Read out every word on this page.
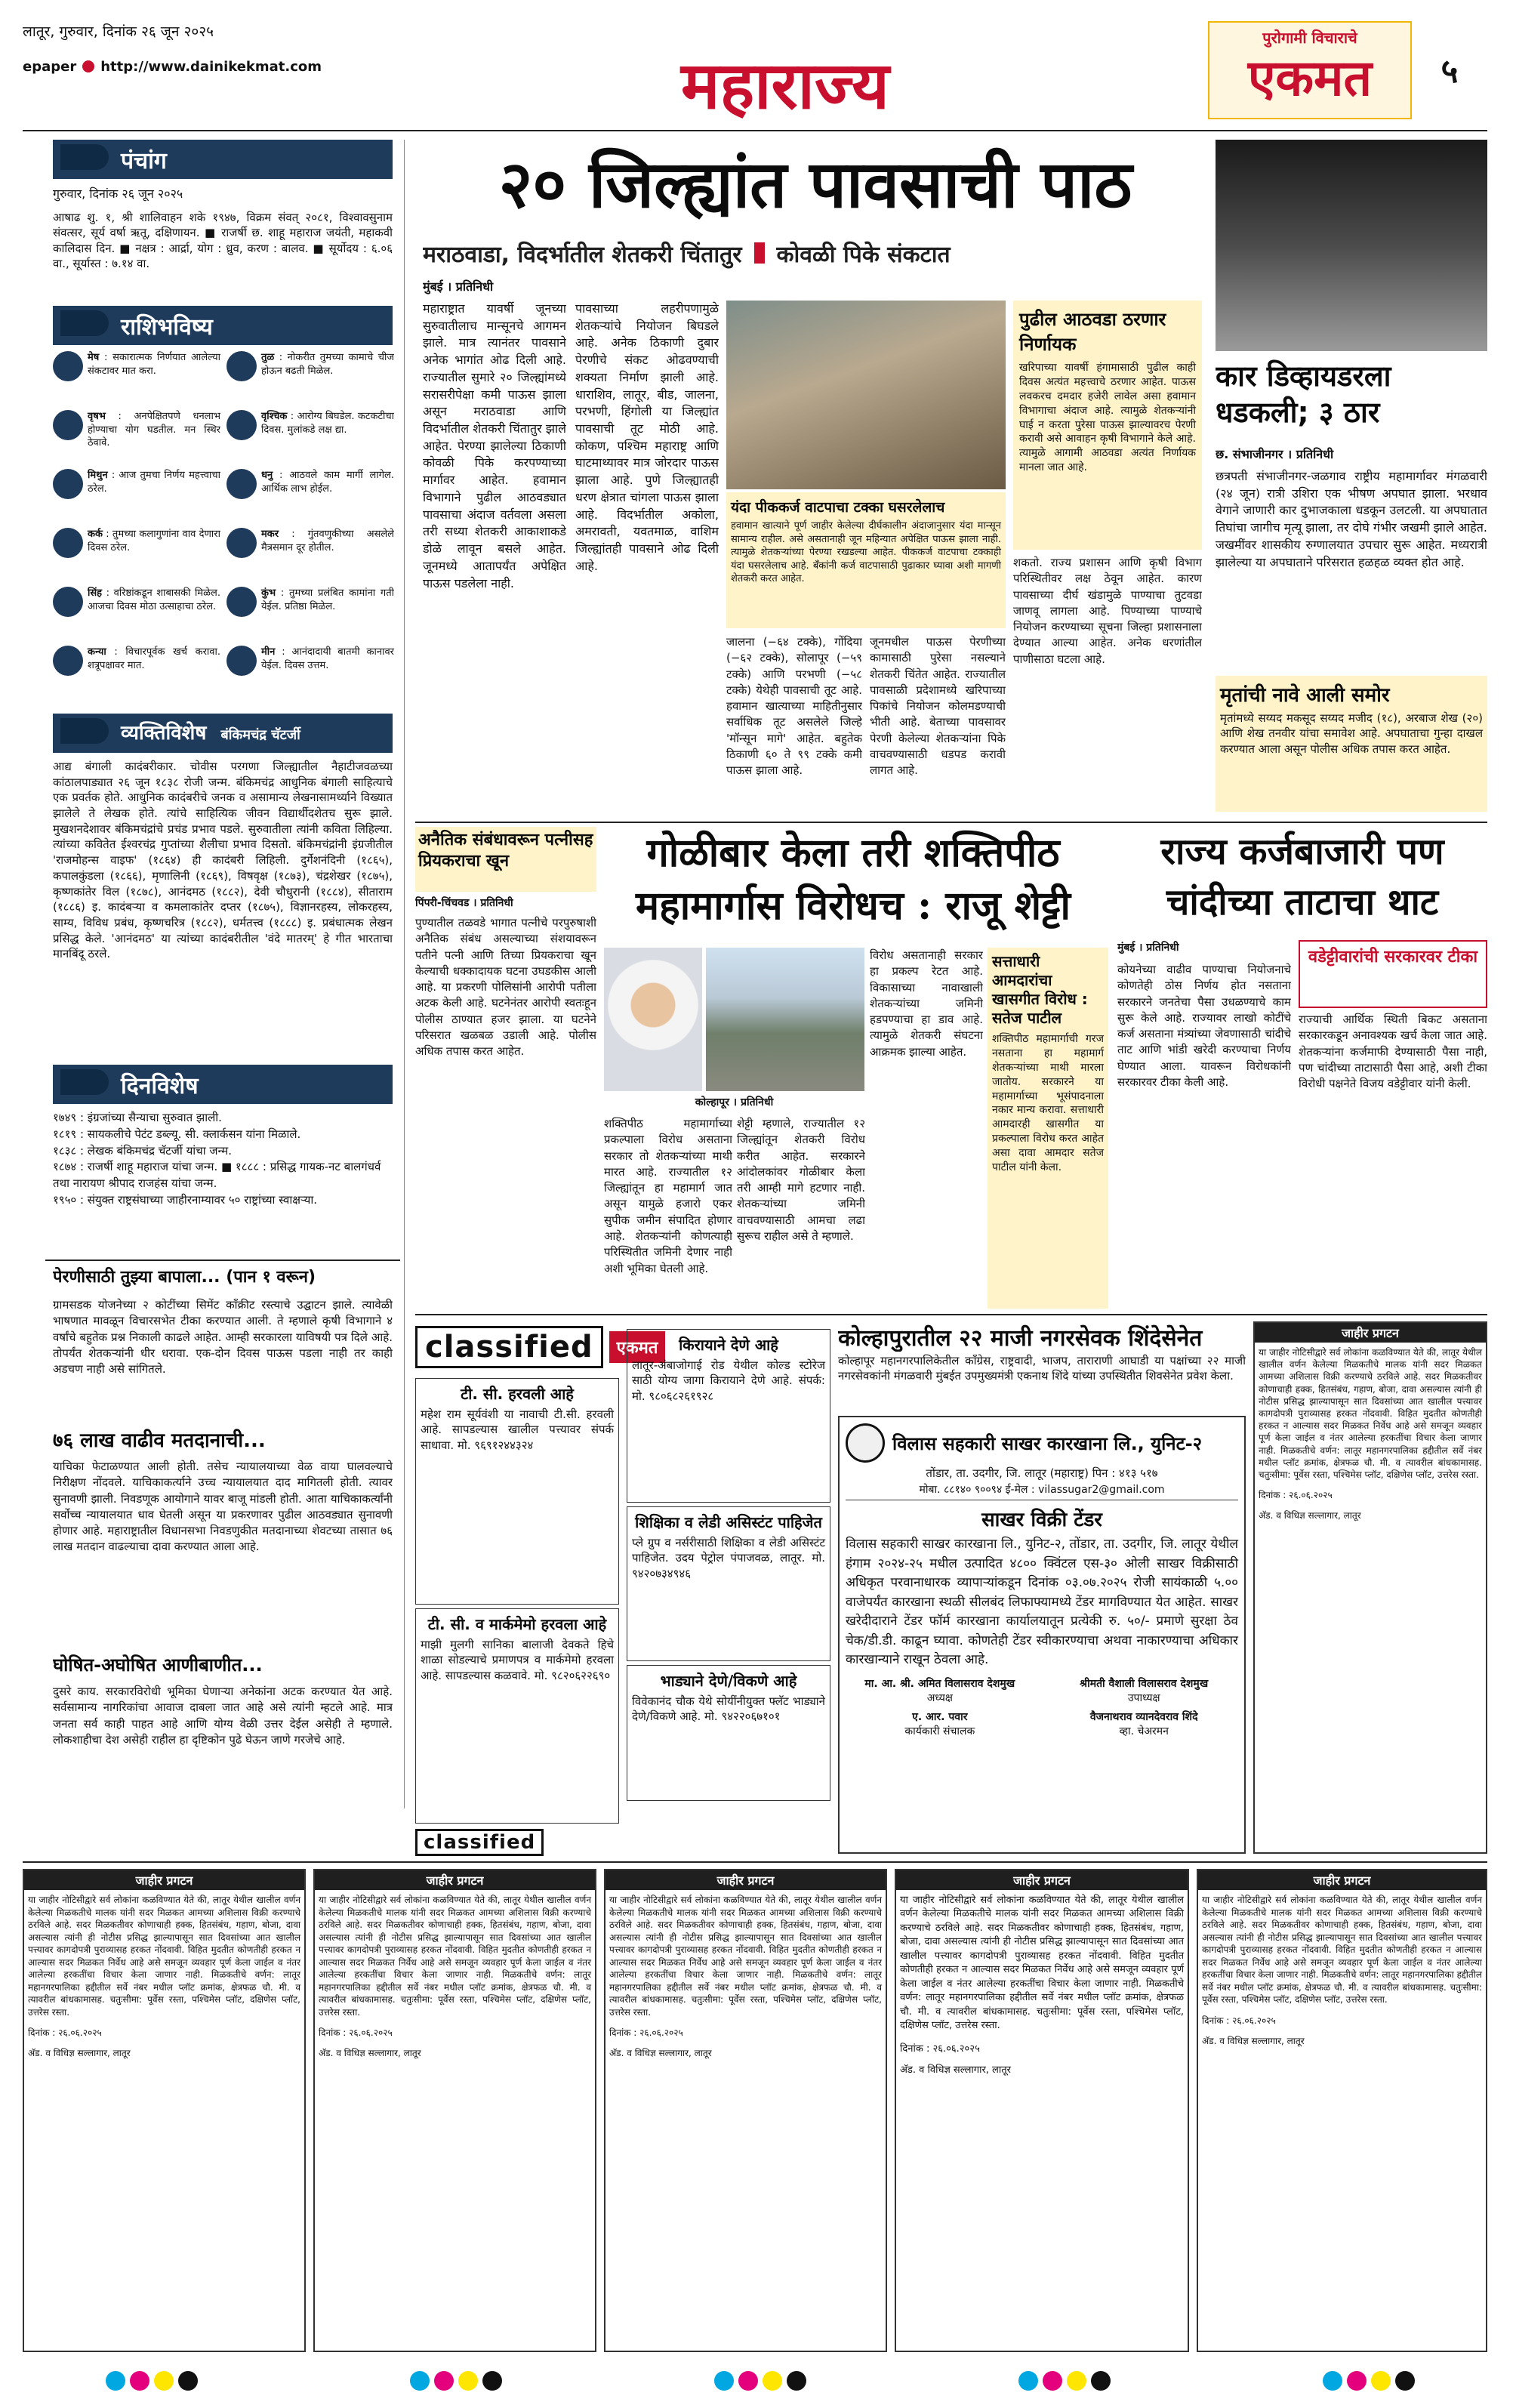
लातूर, गुरुवार, दिनांक २६ जून २०२५
epaper http://www.dainikekmat.com	महाराज्य
पुरोगामी विचाराचे
एकमत	५
पंचांग
गुरुवार, दिनांक २६ जून २०२५
आषाढ शु. १, श्री शालिवाहन शके १९४७, विक्रम संवत् २०८१, विश्वावसुनाम संवत्सर, सूर्य वर्षा ऋतू, दक्षिणायन. ■ राजर्षी छ. शाहू महाराज जयंती, महाकवी कालिदास दिन. ■ नक्षत्र : आर्द्रा, योग : ध्रुव, करण : बालव. ■ सूर्योदय : ६.०६ वा., सूर्यास्त : ७.१४ वा.
राशिभविष्य
मेष : सकारात्मक निर्णयात आलेल्या संकटावर मात करा.
वृषभ : अनपेक्षितपणे धनलाभ होण्याचा योग घडतील. मन स्थिर ठेवावे.
मिथुन : आज तुमचा निर्णय महत्त्वाचा ठरेल.
कर्क : तुमच्या कलागुणांना वाव देणारा दिवस ठरेल.
सिंह : वरिष्ठांकडून शाबासकी मिळेल. आजचा दिवस मोठा उत्साहाचा ठरेल.
कन्या : विचारपूर्वक खर्च करावा. शत्रूपक्षावर मात.
तुळ : नोकरीत तुमच्या कामाचे चीज होऊन बढती मिळेल.
वृश्चिक : आरोग्य बिघडेल. कटकटीचा दिवस. मुलांकडे लक्ष द्या.
धनु : आठवले काम मार्गी लागेल. आर्थिक लाभ होईल.
मकर : गुंतवणुकीच्या असलेले मैत्रसमान दूर होतील.
कुंभ : तुमच्या प्रलंबित कामांना गती येईल. प्रतिष्ठा मिळेल.
मीन : आनंदादायी बातमी कानावर येईल. दिवस उत्तम.
व्यक्तिविशेष बंकिमचंद्र चॅटर्जी
आद्य बंगाली कादंबरीकार. चोवीस परगणा जिल्ह्यातील नैहाटीजवळच्या कांठालपाड्यात २६ जून १८३८ रोजी जन्म. बंकिमचंद्र आधुनिक बंगाली साहित्याचे एक प्रवर्तक होते. आधुनिक कादंबरीचे जनक व असामान्य लेखनासामर्थ्याने विख्यात झालेले ते लेखक होते. त्यांचे साहित्यिक जीवन विद्यार्थीदशेतच सुरू झाले. मुखशनदेशावर बंकिमचंद्रांचे प्रचंड प्रभाव पडले. सुरुवातीला त्यांनी कविता लिहिल्या. त्यांच्या कवितेत ईश्वरचंद्र गुप्तांच्या शैलीचा प्रभाव दिसतो. बंकिमचंद्रांनी इंग्रजीतील 'राजमोहन्स वाइफ' (१८६४) ही कादंबरी लिहिली. दुर्गेशनंदिनी (१८६५), कपालकुंडला (१८६६), मृणालिनी (१८६९), विषवृक्ष (१८७३), चंद्रशेखर (१८७५), कृष्णकांतेर विल (१८७८), आनंदमठ (१८८२), देवी चौधुरानी (१८८४), सीताराम (१८८६) इ. कादंबऱ्या व कमलाकांतेर दप्तर (१८७५), विज्ञानरहस्य, लोकरहस्य, साम्य, विविध प्रबंध, कृष्णचरित्र (१८८२), धर्मतत्त्व (१८८८) इ. प्रबंधात्मक लेखन प्रसिद्ध केले. 'आनंदमठ' या त्यांच्या कादंबरीतील 'वंदे मातरम्' हे गीत भारताचा मानबिंदू ठरले.
दिनविशेष
१७४९ : इंग्रजांच्या सैन्याचा सुरुवात झाली.
१८१९ : सायकलीचे पेटंट डब्ल्यू. सी. क्लार्कसन यांना मिळाले.
१८३८ : लेखक बंकिमचंद्र चॅटर्जी यांचा जन्म.
१८७४ : राजर्षी शाहू महाराज यांचा जन्म. ■ १८८८ : प्रसिद्ध गायक-नट बालगंधर्व तथा नारायण श्रीपाद राजहंस यांचा जन्म.
१९५० : संयुक्त राष्ट्रसंघाच्या जाहीरनाम्यावर ५० राष्ट्रांच्या स्वाक्षऱ्या.
पेरणीसाठी तुझ्या बापाला... (पान १ वरून)
ग्रामसडक योजनेच्या २ कोटींच्या सिमेंट काँक्रीट रस्त्याचे उद्घाटन झाले. त्यावेळी भाषणात मावळून विचारसभेत टीका करण्यात आली. ते म्हणाले कृषी विभागाने ४ वर्षांचे बहुतेक प्रश्न निकाली काढले आहेत. आम्ही सरकारला याविषयी पत्र दिले आहे. तोपर्यंत शेतकऱ्यांनी धीर धरावा. एक-दोन दिवस पाऊस पडला नाही तर काही अडचण नाही असे सांगितले.
७६ लाख वाढीव मतदानाची...
याचिका फेटाळण्यात आली होती. तसेच न्यायालयाच्या वेळ वाया घालवल्याचे निरीक्षण नोंदवले. याचिकाकर्त्याने उच्च न्यायालयात दाद मागितली होती. त्यावर सुनावणी झाली. निवडणूक आयोगाने यावर बाजू मांडली होती. आता याचिकाकर्त्यांनी सर्वोच्च न्यायालयात धाव घेतली असून या प्रकरणावर पुढील आठवड्यात सुनावणी होणार आहे. महाराष्ट्रातील विधानसभा निवडणुकीत मतदानाच्या शेवटच्या तासात ७६ लाख मतदान वाढल्याचा दावा करण्यात आला आहे.
घोषित-अघोषित आणीबाणीत...
दुसरे काय. सरकारविरोधी भूमिका घेणाऱ्या अनेकांना अटक करण्यात येत आहे. सर्वसामान्य नागरिकांचा आवाज दाबला जात आहे असे त्यांनी म्हटले आहे. मात्र जनता सर्व काही पाहत आहे आणि योग्य वेळी उत्तर देईल असेही ते म्हणाले. लोकशाहीचा देश असेही राहील हा दृष्टिकोन पुढे घेऊन जाणे गरजेचे आहे.
२० जिल्ह्यांत पावसाची पाठ
मराठवाडा, विदर्भातील शेतकरी चिंतातुर कोवळी पिके संकटात
मुंबई । प्रतिनिधी
महाराष्ट्रात यावर्षी जूनच्या सुरुवातीलाच मान्सूनचे आगमन झाले. मात्र त्यानंतर पावसाने अनेक भागांत ओढ दिली आहे. राज्यातील सुमारे २० जिल्ह्यांमध्ये सरासरीपेक्षा कमी पाऊस झाला असून मराठवाडा आणि विदर्भातील शेतकरी चिंतातुर झाले आहेत. पेरण्या झालेल्या ठिकाणी कोवळी पिके करपण्याच्या मार्गावर आहेत. हवामान विभागाने पुढील आठवड्यात पावसाचा अंदाज वर्तवला असला तरी सध्या शेतकरी आकाशाकडे डोळे लावून बसले आहेत. जूनमध्ये आतापर्यंत अपेक्षित पाऊस पडलेला नाही.
पावसाच्या लहरीपणामुळे शेतकऱ्यांचे नियोजन बिघडले आहे. अनेक ठिकाणी दुबार पेरणीचे संकट ओढवण्याची शक्यता निर्माण झाली आहे. धाराशिव, लातूर, बीड, जालना, परभणी, हिंगोली या जिल्ह्यांत पावसाची तूट मोठी आहे. कोकण, पश्चिम महाराष्ट्र आणि घाटमाथ्यावर मात्र जोरदार पाऊस झाला आहे. पुणे जिल्ह्यातही धरण क्षेत्रात चांगला पाऊस झाला आहे. विदर्भातील अकोला, अमरावती, यवतमाळ, वाशिम जिल्ह्यांतही पावसाने ओढ दिली आहे.
यंदा पीककर्ज वाटपाचा टक्का घसरलेलाच
हवामान खात्याने पूर्ण जाहीर केलेल्या दीर्घकालीन अंदाजानुसार यंदा मान्सून सामान्य राहील. असे असतानाही जून महिन्यात अपेक्षित पाऊस झाला नाही. त्यामुळे शेतकऱ्यांच्या पेरण्या रखडल्या आहेत. पीककर्ज वाटपाचा टक्काही यंदा घसरलेलाच आहे. बँकांनी कर्ज वाटपासाठी पुढाकार घ्यावा अशी मागणी शेतकरी करत आहेत.
जालना (−६४ टक्के), गोंदिया (−६२ टक्के), सोलापूर (−५९ टक्के) आणि परभणी (−५८ टक्के) येथेही पावसाची तूट आहे. हवामान खात्याच्या माहितीनुसार सर्वाधिक तूट असलेले जिल्हे 'मॉन्सून मागे' आहेत. बहुतेक ठिकाणी ६० ते ९९ टक्के कमी पाऊस झाला आहे.
जूनमधील पाऊस पेरणीच्या कामासाठी पुरेसा नसल्याने शेतकरी चिंतेत आहेत. राज्यातील पावसाळी प्रदेशामध्ये खरिपाच्या पिकांचे नियोजन कोलमडण्याची भीती आहे. बेताच्या पावसावर पेरणी केलेल्या शेतकऱ्यांना पिके वाचवण्यासाठी धडपड करावी लागत आहे.
पुढील आठवडा ठरणार निर्णायक
खरिपाच्या यावर्षी हंगामासाठी पुढील काही दिवस अत्यंत महत्त्वाचे ठरणार आहेत. पाऊस लवकरच दमदार हजेरी लावेल असा हवामान विभागाचा अंदाज आहे. त्यामुळे शेतकऱ्यांनी घाई न करता पुरेसा पाऊस झाल्यावरच पेरणी करावी असे आवाहन कृषी विभागाने केले आहे. त्यामुळे आगामी आठवडा अत्यंत निर्णायक मानला जात आहे.
शकतो. राज्य प्रशासन आणि कृषी विभाग परिस्थितीवर लक्ष ठेवून आहेत. कारण पावसाच्या दीर्घ खंडामुळे पाण्याचा तुटवडा जाणवू लागला आहे. पिण्याच्या पाण्याचे नियोजन करण्याच्या सूचना जिल्हा प्रशासनाला देण्यात आल्या आहेत. अनेक धरणांतील पाणीसाठा घटला आहे.
कार डिव्हायडरला धडकली; ३ ठार
छ. संभाजीनगर । प्रतिनिधी
छत्रपती संभाजीनगर-जळगाव राष्ट्रीय महामार्गावर मंगळवारी (२४ जून) रात्री उशिरा एक भीषण अपघात झाला. भरधाव वेगाने जाणारी कार दुभाजकाला धडकून उलटली. या अपघातात तिघांचा जागीच मृत्यू झाला, तर दोघे गंभीर जखमी झाले आहेत. जखमींवर शासकीय रुग्णालयात उपचार सुरू आहेत. मध्यरात्री झालेल्या या अपघाताने परिसरात हळहळ व्यक्त होत आहे.
मृतांची नावे आली समोर
मृतांमध्ये सय्यद मकसूद सय्यद मजीद (१८), अरबाज शेख (२०) आणि शेख तनवीर यांचा समावेश आहे. अपघाताचा गुन्हा दाखल करण्यात आला असून पोलीस अधिक तपास करत आहेत.
अनैतिक संबंधावरून पत्नीसह प्रियकराचा खून
पिंपरी-चिंचवड । प्रतिनिधी
पुण्यातील तळवडे भागात पत्नीचे परपुरुषाशी अनैतिक संबंध असल्याच्या संशयावरून पतीने पत्नी आणि तिच्या प्रियकराचा खून केल्याची धक्कादायक घटना उघडकीस आली आहे. या प्रकरणी पोलिसांनी आरोपी पतीला अटक केली आहे. घटनेनंतर आरोपी स्वतःहून पोलीस ठाण्यात हजर झाला. या घटनेने परिसरात खळबळ उडाली आहे. पोलीस अधिक तपास करत आहेत.
गोळीबार केला तरी शक्तिपीठ महामार्गास विरोधच : राजू शेट्टी
कोल्हापूर । प्रतिनिधी
शक्तिपीठ महामार्गाच्या प्रकल्पाला विरोध असताना सरकार तो शेतकऱ्यांच्या माथी मारत आहे. राज्यातील १२ जिल्ह्यांतून हा महामार्ग जात असून यामुळे हजारो एकर सुपीक जमीन संपादित होणार आहे. शेतकऱ्यांनी कोणत्याही परिस्थितीत जमिनी देणार नाही अशी भूमिका घेतली आहे.
शेट्टी म्हणाले, राज्यातील १२ जिल्ह्यांतून शेतकरी विरोध करीत आहेत. सरकारने आंदोलकांवर गोळीबार केला तरी आम्ही मागे हटणार नाही. शेतकऱ्यांच्या जमिनी वाचवण्यासाठी आमचा लढा सुरूच राहील असे ते म्हणाले.
विरोध असतानाही सरकार हा प्रकल्प रेटत आहे. विकासाच्या नावाखाली शेतकऱ्यांच्या जमिनी हडपण्याचा हा डाव आहे. त्यामुळे शेतकरी संघटना आक्रमक झाल्या आहेत.
सत्ताधारी आमदारांचा खासगीत विरोध : सतेज पाटील
शक्तिपीठ महामार्गाची गरज नसताना हा महामार्ग शेतकऱ्यांच्या माथी मारला जातोय. सरकारने या महामार्गाच्या भूसंपादनाला नकार मान्य करावा. सत्ताधारी आमदारही खासगीत या प्रकल्पाला विरोध करत आहेत असा दावा आमदार सतेज पाटील यांनी केला.
राज्य कर्जबाजारी पण चांदीच्या ताटाचा थाट
मुंबई । प्रतिनिधी	वडेट्टीवारांची सरकारवर टीका
कोयनेच्या वाढीव पाण्याचा नियोजनाचे कोणतेही ठोस निर्णय होत नसताना सरकारने जनतेचा पैसा उधळण्याचे काम सुरू केले आहे. राज्यावर लाखो कोटींचे कर्ज असताना मंत्र्यांच्या जेवणासाठी चांदीचे ताट आणि भांडी खरेदी करण्याचा निर्णय घेण्यात आला. यावरून विरोधकांनी सरकारवर टीका केली आहे.
राज्याची आर्थिक स्थिती बिकट असताना सरकारकडून अनावश्यक खर्च केला जात आहे. शेतकऱ्यांना कर्जमाफी देण्यासाठी पैसा नाही, पण चांदीच्या ताटासाठी पैसा आहे, अशी टीका विरोधी पक्षनेते विजय वडेट्टीवार यांनी केली.
classified	एकमत
टी. सी. हरवली आहे
महेश राम सूर्यवंशी या नावाची टी.सी. हरवली आहे. सापडल्यास खालील पत्त्यावर संपर्क साधावा. मो. ९६९१२४४३२४
टी. सी. व मार्कमेमो हरवला आहे
माझी मुलगी सानिका बालाजी देवकते हिचे शाळा सोडल्याचे प्रमाणपत्र व मार्कमेमो हरवला आहे. सापडल्यास कळवावे. मो. ९८२०६२२६९०
किरायाने देणे आहे
लातूर-अंबाजोगाई रोड येथील कोल्ड स्टोरेज साठी योग्य जागा किरायाने देणे आहे. संपर्क: मो. ९८०६८२६१९२८
शिक्षिका व लेडी असिस्टंट पाहिजेत
प्ले ग्रुप व नर्सरीसाठी शिक्षिका व लेडी असिस्टंट पाहिजेत. उदय पेट्रोल पंपाजवळ, लातूर. मो. ९४२०७३४९४६
भाड्याने देणे/विकणे आहे
विवेकानंद चौक येथे सोयींनीयुक्त फ्लॅट भाड्याने देणे/विकणे आहे. मो. ९४२२०६७१०१
classified
कोल्हापुरातील २२ माजी नगरसेवक शिंदेसेनेत
कोल्हापूर महानगरपालिकेतील काँग्रेस, राष्ट्रवादी, भाजप, ताराराणी आघाडी या पक्षांच्या २२ माजी नगरसेवकांनी मंगळवारी मुंबईत उपमुख्यमंत्री एकनाथ शिंदे यांच्या उपस्थितीत शिवसेनेत प्रवेश केला.
विलास सहकारी साखर कारखाना लि., युनिट-२
तोंडार, ता. उदगीर, जि. लातूर (महाराष्ट्र) पिन : ४१३ ५१७
मोबा. ८८१४० ९००९४ ई-मेल : vilassugar2@gmail.com
साखर विक्री टेंडर
विलास सहकारी साखर कारखाना लि., युनिट-२, तोंडार, ता. उदगीर, जि. लातूर येथील हंगाम २०२४-२५ मधील उत्पादित ४८०० क्विंटल एस-३० ओली साखर विक्रीसाठी अधिकृत परवानाधारक व्यापाऱ्यांकडून दिनांक ०३.०७.२०२५ रोजी सायंकाळी ५.०० वाजेपर्यंत कारखाना स्थळी सीलबंद लिफाफ्यामध्ये टेंडर मागविण्यात येत आहेत. साखर खरेदीदाराने टेंडर फॉर्म कारखाना कार्यालयातून प्रत्येकी रु. ५०/- प्रमाणे सुरक्षा ठेव चेक/डी.डी. काढून घ्यावा. कोणतेही टेंडर स्वीकारण्याचा अथवा नाकारण्याचा अधिकार कारखान्याने राखून ठेवला आहे.
मा. आ. श्री. अमित विलासराव देशमुख
अध्यक्ष
श्रीमती वैशाली विलासराव देशमुख
उपाध्यक्ष
ए. आर. पवार
कार्यकारी संचालक
वैजनाथराव व्यानदेवराव शिंदे
व्हा. चेअरमन
जाहीर प्रगटन
या जाहीर नोटिसीद्वारे सर्व लोकांना कळविण्यात येते की, लातूर येथील खालील वर्णन केलेल्या मिळकतीचे मालक यांनी सदर मिळकत आमच्या अशिलास विक्री करण्याचे ठरविले आहे. सदर मिळकतीवर कोणाचाही हक्क, हितसंबंध, गहाण, बोजा, दावा असल्यास त्यांनी ही नोटीस प्रसिद्ध झाल्यापासून सात दिवसांच्या आत खालील पत्त्यावर कागदोपत्री पुराव्यासह हरकत नोंदवावी. विहित मुदतीत कोणतीही हरकत न आल्यास सदर मिळकत निर्वेध आहे असे समजून व्यवहार पूर्ण केला जाईल व नंतर आलेल्या हरकतींचा विचार केला जाणार नाही. मिळकतीचे वर्णन: लातूर महानगरपालिका हद्दीतील सर्वे नंबर मधील प्लॉट क्रमांक, क्षेत्रफळ चौ. मी. व त्यावरील बांधकामासह. चतुःसीमा: पूर्वेस रस्ता, पश्चिमेस प्लॉट, दक्षिणेस प्लॉट, उत्तरेस रस्ता.
दिनांक : २६.०६.२०२५
अ‍ॅड. व विधिज्ञ सल्लागार, लातूर
जाहीर प्रगटन
या जाहीर नोटिसीद्वारे सर्व लोकांना कळविण्यात येते की, लातूर येथील खालील वर्णन केलेल्या मिळकतीचे मालक यांनी सदर मिळकत आमच्या अशिलास विक्री करण्याचे ठरविले आहे. सदर मिळकतीवर कोणाचाही हक्क, हितसंबंध, गहाण, बोजा, दावा असल्यास त्यांनी ही नोटीस प्रसिद्ध झाल्यापासून सात दिवसांच्या आत खालील पत्त्यावर कागदोपत्री पुराव्यासह हरकत नोंदवावी. विहित मुदतीत कोणतीही हरकत न आल्यास सदर मिळकत निर्वेध आहे असे समजून व्यवहार पूर्ण केला जाईल व नंतर आलेल्या हरकतींचा विचार केला जाणार नाही. मिळकतीचे वर्णन: लातूर महानगरपालिका हद्दीतील सर्वे नंबर मधील प्लॉट क्रमांक, क्षेत्रफळ चौ. मी. व त्यावरील बांधकामासह. चतुःसीमा: पूर्वेस रस्ता, पश्चिमेस प्लॉट, दक्षिणेस प्लॉट, उत्तरेस रस्ता.
दिनांक : २६.०६.२०२५
अ‍ॅड. व विधिज्ञ सल्लागार, लातूर
जाहीर प्रगटन
या जाहीर नोटिसीद्वारे सर्व लोकांना कळविण्यात येते की, लातूर येथील खालील वर्णन केलेल्या मिळकतीचे मालक यांनी सदर मिळकत आमच्या अशिलास विक्री करण्याचे ठरविले आहे. सदर मिळकतीवर कोणाचाही हक्क, हितसंबंध, गहाण, बोजा, दावा असल्यास त्यांनी ही नोटीस प्रसिद्ध झाल्यापासून सात दिवसांच्या आत खालील पत्त्यावर कागदोपत्री पुराव्यासह हरकत नोंदवावी. विहित मुदतीत कोणतीही हरकत न आल्यास सदर मिळकत निर्वेध आहे असे समजून व्यवहार पूर्ण केला जाईल व नंतर आलेल्या हरकतींचा विचार केला जाणार नाही. मिळकतीचे वर्णन: लातूर महानगरपालिका हद्दीतील सर्वे नंबर मधील प्लॉट क्रमांक, क्षेत्रफळ चौ. मी. व त्यावरील बांधकामासह. चतुःसीमा: पूर्वेस रस्ता, पश्चिमेस प्लॉट, दक्षिणेस प्लॉट, उत्तरेस रस्ता.
दिनांक : २६.०६.२०२५
अ‍ॅड. व विधिज्ञ सल्लागार, लातूर
जाहीर प्रगटन
या जाहीर नोटिसीद्वारे सर्व लोकांना कळविण्यात येते की, लातूर येथील खालील वर्णन केलेल्या मिळकतीचे मालक यांनी सदर मिळकत आमच्या अशिलास विक्री करण्याचे ठरविले आहे. सदर मिळकतीवर कोणाचाही हक्क, हितसंबंध, गहाण, बोजा, दावा असल्यास त्यांनी ही नोटीस प्रसिद्ध झाल्यापासून सात दिवसांच्या आत खालील पत्त्यावर कागदोपत्री पुराव्यासह हरकत नोंदवावी. विहित मुदतीत कोणतीही हरकत न आल्यास सदर मिळकत निर्वेध आहे असे समजून व्यवहार पूर्ण केला जाईल व नंतर आलेल्या हरकतींचा विचार केला जाणार नाही. मिळकतीचे वर्णन: लातूर महानगरपालिका हद्दीतील सर्वे नंबर मधील प्लॉट क्रमांक, क्षेत्रफळ चौ. मी. व त्यावरील बांधकामासह. चतुःसीमा: पूर्वेस रस्ता, पश्चिमेस प्लॉट, दक्षिणेस प्लॉट, उत्तरेस रस्ता.
दिनांक : २६.०६.२०२५
अ‍ॅड. व विधिज्ञ सल्लागार, लातूर
जाहीर प्रगटन
या जाहीर नोटिसीद्वारे सर्व लोकांना कळविण्यात येते की, लातूर येथील खालील वर्णन केलेल्या मिळकतीचे मालक यांनी सदर मिळकत आमच्या अशिलास विक्री करण्याचे ठरविले आहे. सदर मिळकतीवर कोणाचाही हक्क, हितसंबंध, गहाण, बोजा, दावा असल्यास त्यांनी ही नोटीस प्रसिद्ध झाल्यापासून सात दिवसांच्या आत खालील पत्त्यावर कागदोपत्री पुराव्यासह हरकत नोंदवावी. विहित मुदतीत कोणतीही हरकत न आल्यास सदर मिळकत निर्वेध आहे असे समजून व्यवहार पूर्ण केला जाईल व नंतर आलेल्या हरकतींचा विचार केला जाणार नाही. मिळकतीचे वर्णन: लातूर महानगरपालिका हद्दीतील सर्वे नंबर मधील प्लॉट क्रमांक, क्षेत्रफळ चौ. मी. व त्यावरील बांधकामासह. चतुःसीमा: पूर्वेस रस्ता, पश्चिमेस प्लॉट, दक्षिणेस प्लॉट, उत्तरेस रस्ता.
दिनांक : २६.०६.२०२५
अ‍ॅड. व विधिज्ञ सल्लागार, लातूर
जाहीर प्रगटन
या जाहीर नोटिसीद्वारे सर्व लोकांना कळविण्यात येते की, लातूर येथील खालील वर्णन केलेल्या मिळकतीचे मालक यांनी सदर मिळकत आमच्या अशिलास विक्री करण्याचे ठरविले आहे. सदर मिळकतीवर कोणाचाही हक्क, हितसंबंध, गहाण, बोजा, दावा असल्यास त्यांनी ही नोटीस प्रसिद्ध झाल्यापासून सात दिवसांच्या आत खालील पत्त्यावर कागदोपत्री पुराव्यासह हरकत नोंदवावी. विहित मुदतीत कोणतीही हरकत न आल्यास सदर मिळकत निर्वेध आहे असे समजून व्यवहार पूर्ण केला जाईल व नंतर आलेल्या हरकतींचा विचार केला जाणार नाही. मिळकतीचे वर्णन: लातूर महानगरपालिका हद्दीतील सर्वे नंबर मधील प्लॉट क्रमांक, क्षेत्रफळ चौ. मी. व त्यावरील बांधकामासह. चतुःसीमा: पूर्वेस रस्ता, पश्चिमेस प्लॉट, दक्षिणेस प्लॉट, उत्तरेस रस्ता.
दिनांक : २६.०६.२०२५
अ‍ॅड. व विधिज्ञ सल्लागार, लातूर
